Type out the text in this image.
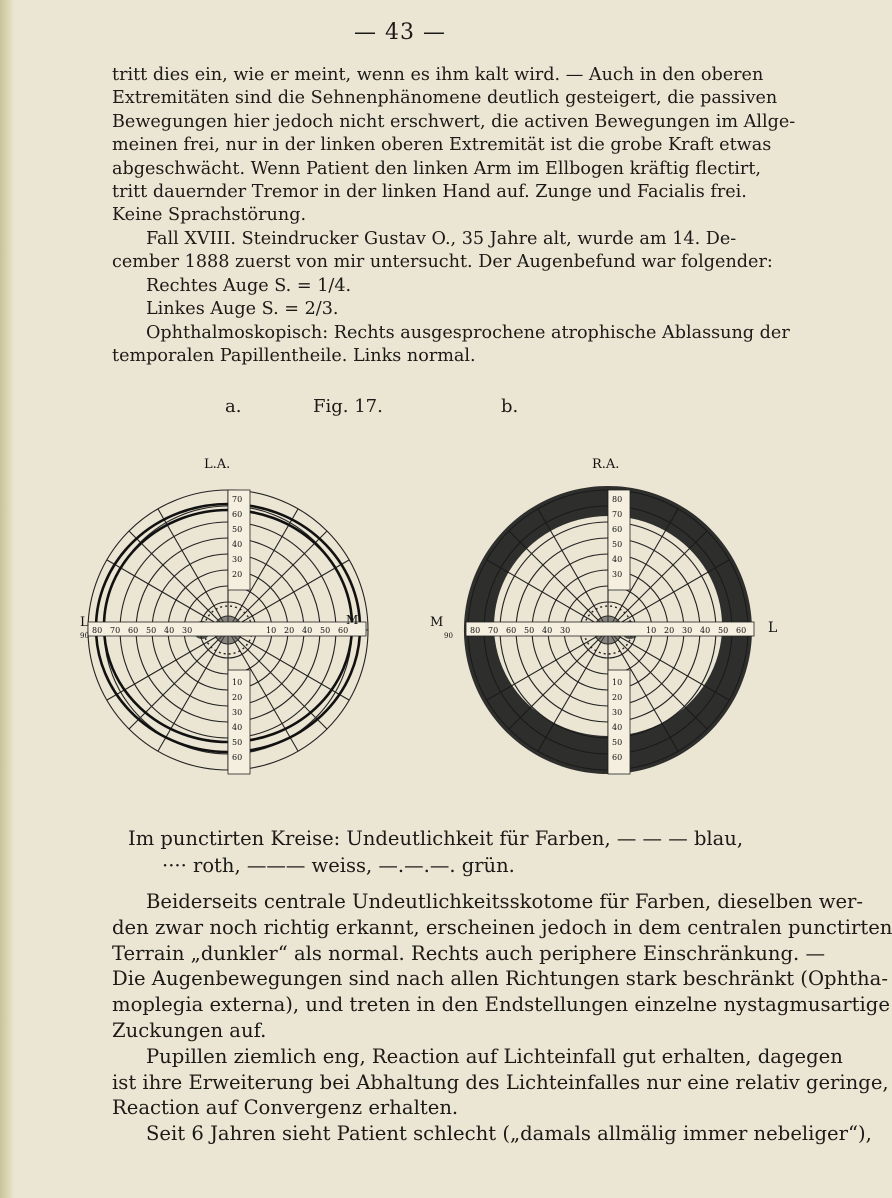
— 43 —
tritt dies ein, wie er meint, wenn es ihm kalt wird. — Auch in den oberen
Extremitäten sind die Sehnenphänomene deutlich gesteigert, die passiven
Bewegungen hier jedoch nicht erschwert, die activen Bewegungen im Allge-
meinen frei, nur in der linken oberen Extremität ist die grobe Kraft etwas
abgeschwächt. Wenn Patient den linken Arm im Ellbogen kräftig flectirt,
tritt dauernder Tremor in der linken Hand auf. Zunge und Facialis frei.
Keine Sprachstörung.
Fall XVIII. Steindrucker Gustav O., 35 Jahre alt, wurde am 14. De-
cember 1888 zuerst von mir untersucht. Der Augenbefund war folgender:
Rechtes Auge S. = 1/4.
Linkes Auge S. = 2/3.
Ophthalmoskopisch: Rechts ausgesprochene atrophische Ablassung der
temporalen Papillentheile. Links normal.
a.	Fig. 17.	b.
70
60
50
40
30
20
10
20
30
40
50
60
80 70 60 50 40 30	10 20 40 50 60
L.A.
L
90
M
80
70
60
50
40
30
10
20
30
40
50
60
80 70 60 50 40 30	10 20 30 40 50 60
R.A.
M
90	L
Im punctirten Kreise: Undeutlichkeit für Farben, — — — blau,
···· roth, ——— weiss, —.—.—. grün.
Beiderseits centrale Undeutlichkeitsskotome für Farben, dieselben wer-
den zwar noch richtig erkannt, erscheinen jedoch in dem centralen punctirten
Terrain „dunkler“ als normal. Rechts auch periphere Einschränkung. —
Die Augenbewegungen sind nach allen Richtungen stark beschränkt (Ophtha-
moplegia externa), und treten in den Endstellungen einzelne nystagmusartige
Zuckungen auf.
Pupillen ziemlich eng, Reaction auf Lichteinfall gut erhalten, dagegen
ist ihre Erweiterung bei Abhaltung des Lichteinfalles nur eine relativ geringe,
Reaction auf Convergenz erhalten.
Seit 6 Jahren sieht Patient schlecht („damals allmälig immer nebeliger“),
